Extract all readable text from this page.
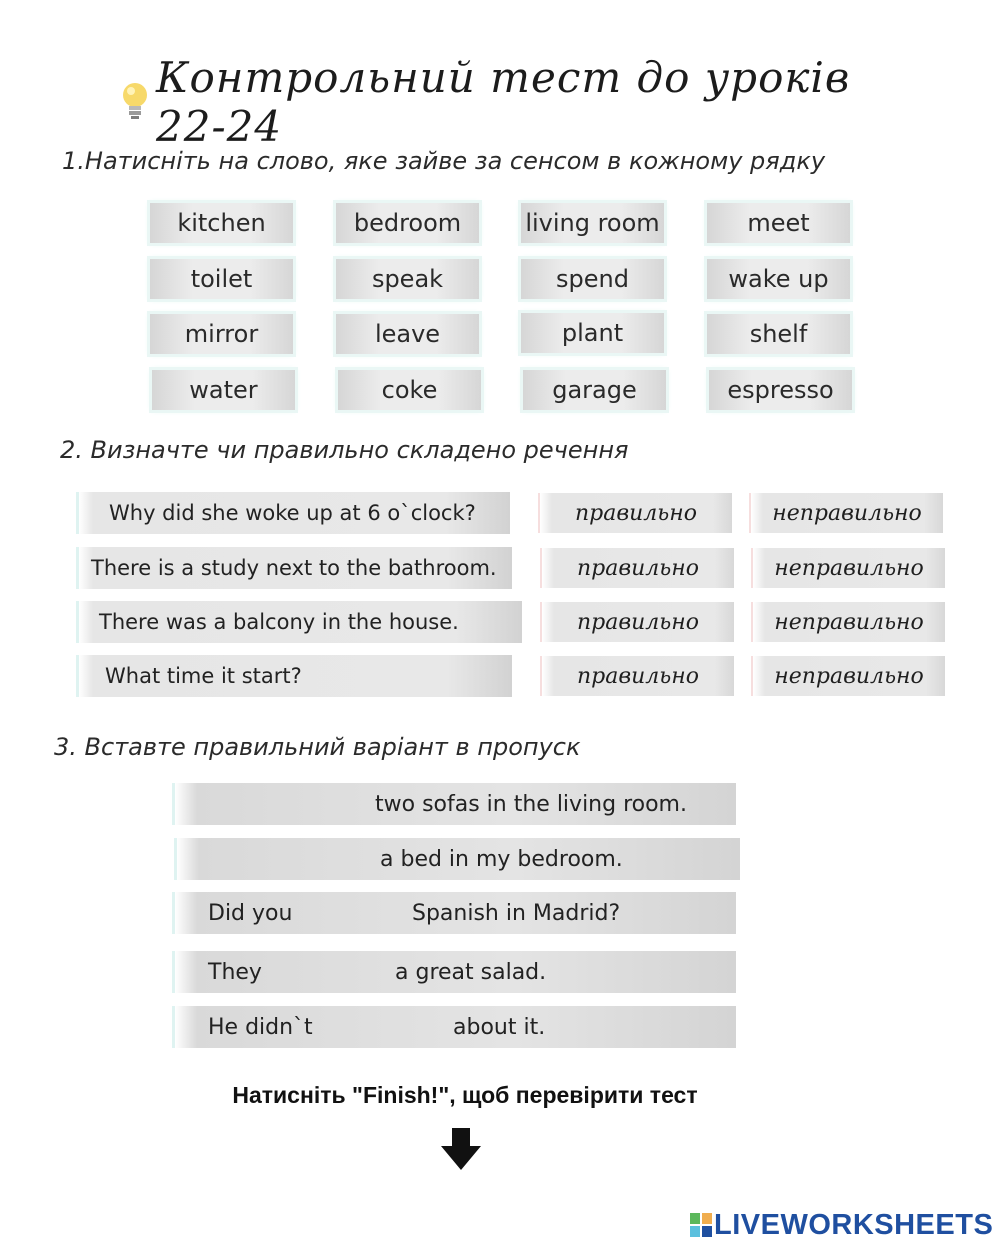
Контрольний тест до уроків 22-24

1.Натисніть на слово, яке зайве за сенсом в кожному рядку

kitchen	bedroom	living room	meet
toilet	speak	spend	wake up
mirror	leave	plant	shelf
water	coke	garage	espresso

2. Визначте чи правильно складено речення

Why did she woke up at 6 o`clock?	правильно	неправильно
There is a study next to the bathroom.	правильно	неправильно
There was a balcony in the house.	правильно	неправильно
What time it start?	правильно	неправильно

3. Вставте правильний варіант в пропуск

two sofas in the living room.
a bed in my bedroom.
Did you	Spanish in Madrid?
They	a great salad.
He didn`t	about it.
Натисніть "Finish!", щоб перевірити тест
LIVEWORKSHEETS
